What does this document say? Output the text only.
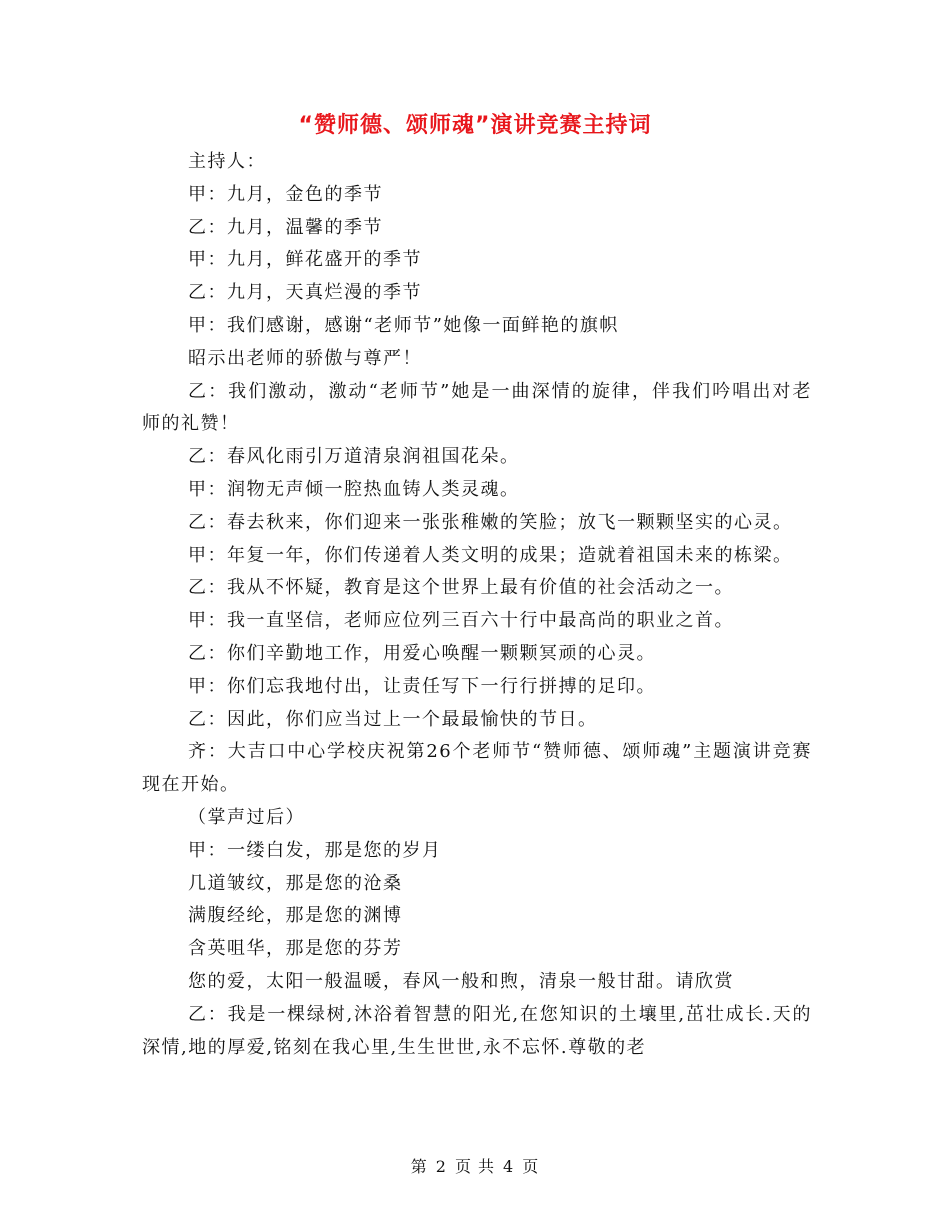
“赞师德、颂师魂”演讲竞赛主持词

主持人：

甲：九月，金色的季节

乙：九月，温馨的季节

甲：九月，鲜花盛开的季节

乙：九月，天真烂漫的季节

甲：我们感谢，感谢“老师节”她像一面鲜艳的旗帜

昭示出老师的骄傲与尊严！

乙：我们激动，激动“老师节”她是一曲深情的旋律，伴我们吟唱出对老师的礼赞！

乙：春风化雨引万道清泉润祖国花朵。

甲：润物无声倾一腔热血铸人类灵魂。

乙：春去秋来，你们迎来一张张稚嫩的笑脸；放飞一颗颗坚实的心灵。

甲：年复一年，你们传递着人类文明的成果；造就着祖国未来的栋梁。

乙：我从不怀疑，教育是这个世界上最有价值的社会活动之一。

甲：我一直坚信，老师应位列三百六十行中最高尚的职业之首。

乙：你们辛勤地工作，用爱心唤醒一颗颗冥顽的心灵。

甲：你们忘我地付出，让责任写下一行行拼搏的足印。

乙：因此，你们应当过上一个最最愉快的节日。

齐：大吉口中心学校庆祝第26个老师节“赞师德、颂师魂”主题演讲竞赛现在开始。

（掌声过后）

甲：一缕白发，那是您的岁月

几道皱纹，那是您的沧桑

满腹经纶，那是您的渊博

含英咀华，那是您的芬芳

您的爱，太阳一般温暖，春风一般和煦，清泉一般甘甜。请欣赏

乙：我是一棵绿树,沐浴着智慧的阳光,在您知识的土壤里,茁壮成长.天的深情,地的厚爱,铭刻在我心里,生生世世,永不忘怀.尊敬的老

第 2 页 共 4 页
